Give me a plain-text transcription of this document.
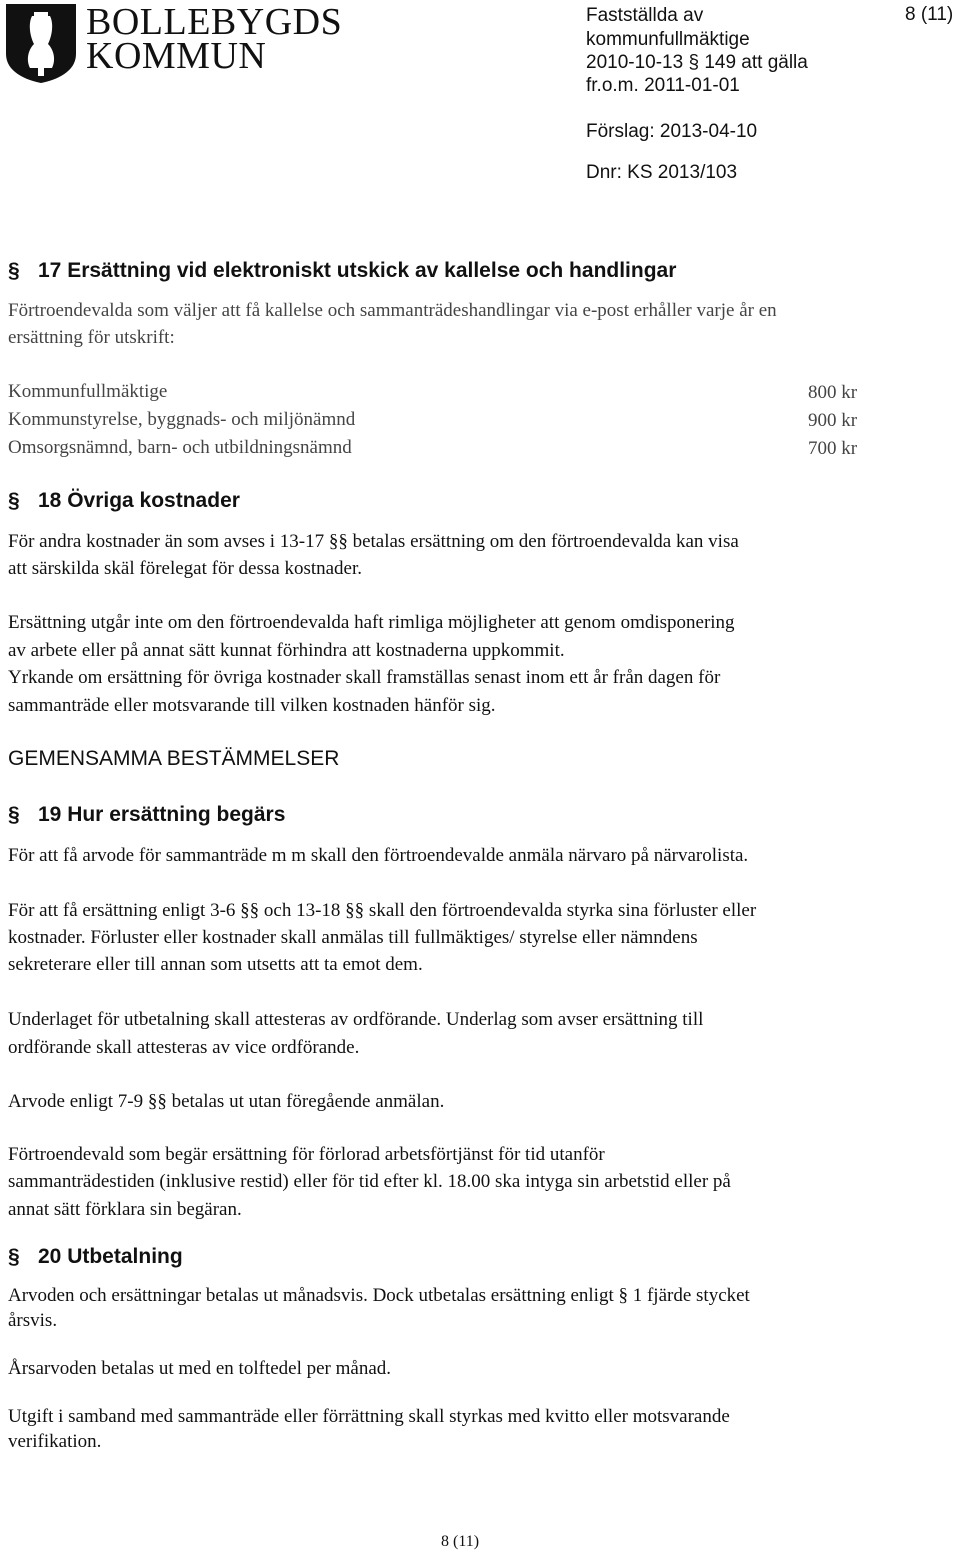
BOLLEBYGDS
KOMMUN
Fastställda av
kommunfullmäktige
2010-10-13 § 149 att gälla
fr.o.m. 2011-01-01
Förslag: 2013-04-10
Dnr: KS 2013/103
8 (11)
§ 17 Ersättning vid elektroniskt utskick av kallelse och handlingar
Förtroendevalda som väljer att få kallelse och sammanträdeshandlingar via e-post erhåller varje år en
ersättning för utskrift:
Kommunfullmäktige	800 kr
Kommunstyrelse, byggnads- och miljönämnd	900 kr
Omsorgsnämnd, barn- och utbildningsnämnd	700 kr
§ 18 Övriga kostnader
För andra kostnader än som avses i 13-17 §§ betalas ersättning om den förtroendevalda kan visa
att särskilda skäl förelegat för dessa kostnader.
Ersättning utgår inte om den förtroendevalda haft rimliga möjligheter att genom omdisponering
av arbete eller på annat sätt kunnat förhindra att kostnaderna uppkommit.
Yrkande om ersättning för övriga kostnader skall framställas senast inom ett år från dagen för
sammanträde eller motsvarande till vilken kostnaden hänför sig.
GEMENSAMMA BESTÄMMELSER
§ 19 Hur ersättning begärs
För att få arvode för sammanträde m m skall den förtroendevalde anmäla närvaro på närvarolista.
För att få ersättning enligt 3-6 §§ och 13-18 §§ skall den förtroendevalda styrka sina förluster eller
kostnader. Förluster eller kostnader skall anmälas till fullmäktiges/ styrelse eller nämndens
sekreterare eller till annan som utsetts att ta emot dem.
Underlaget för utbetalning skall attesteras av ordförande. Underlag som avser ersättning till
ordförande skall attesteras av vice ordförande.
Arvode enligt 7-9 §§ betalas ut utan föregående anmälan.
Förtroendevald som begär ersättning för förlorad arbetsförtjänst för tid utanför
sammanträdestiden (inklusive restid) eller för tid efter kl. 18.00 ska intyga sin arbetstid eller på
annat sätt förklara sin begäran.
§ 20 Utbetalning
Arvoden och ersättningar betalas ut månadsvis. Dock utbetalas ersättning enligt § 1 fjärde stycket
årsvis.
Årsarvoden betalas ut med en tolftedel per månad.
Utgift i samband med sammanträde eller förrättning skall styrkas med kvitto eller motsvarande
verifikation.
8 (11)
